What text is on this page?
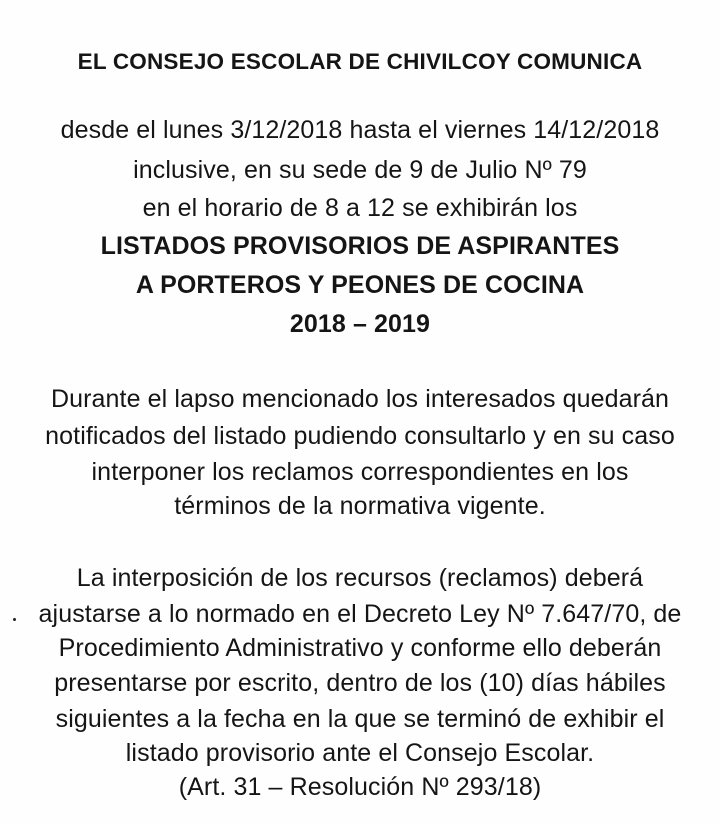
EL CONSEJO ESCOLAR DE CHIVILCOY COMUNICA
desde el lunes 3/12/2018 hasta el viernes 14/12/2018
inclusive, en su sede de 9 de Julio Nº 79
en el horario de 8 a 12 se exhibirán los
LISTADOS PROVISORIOS DE ASPIRANTES
A PORTEROS Y PEONES DE COCINA
2018 – 2019
Durante el lapso mencionado los interesados quedarán
notificados del listado pudiendo consultarlo y en su caso
interponer los reclamos correspondientes en los
términos de la normativa vigente.
La interposición de los recursos (reclamos) deberá
ajustarse a lo normado en el Decreto Ley Nº 7.647/70, de
Procedimiento Administrativo y conforme ello deberán
presentarse por escrito, dentro de los (10) días hábiles
siguientes a la fecha en la que se terminó de exhibir el
listado provisorio ante el Consejo Escolar.
(Art. 31 – Resolución Nº 293/18)
